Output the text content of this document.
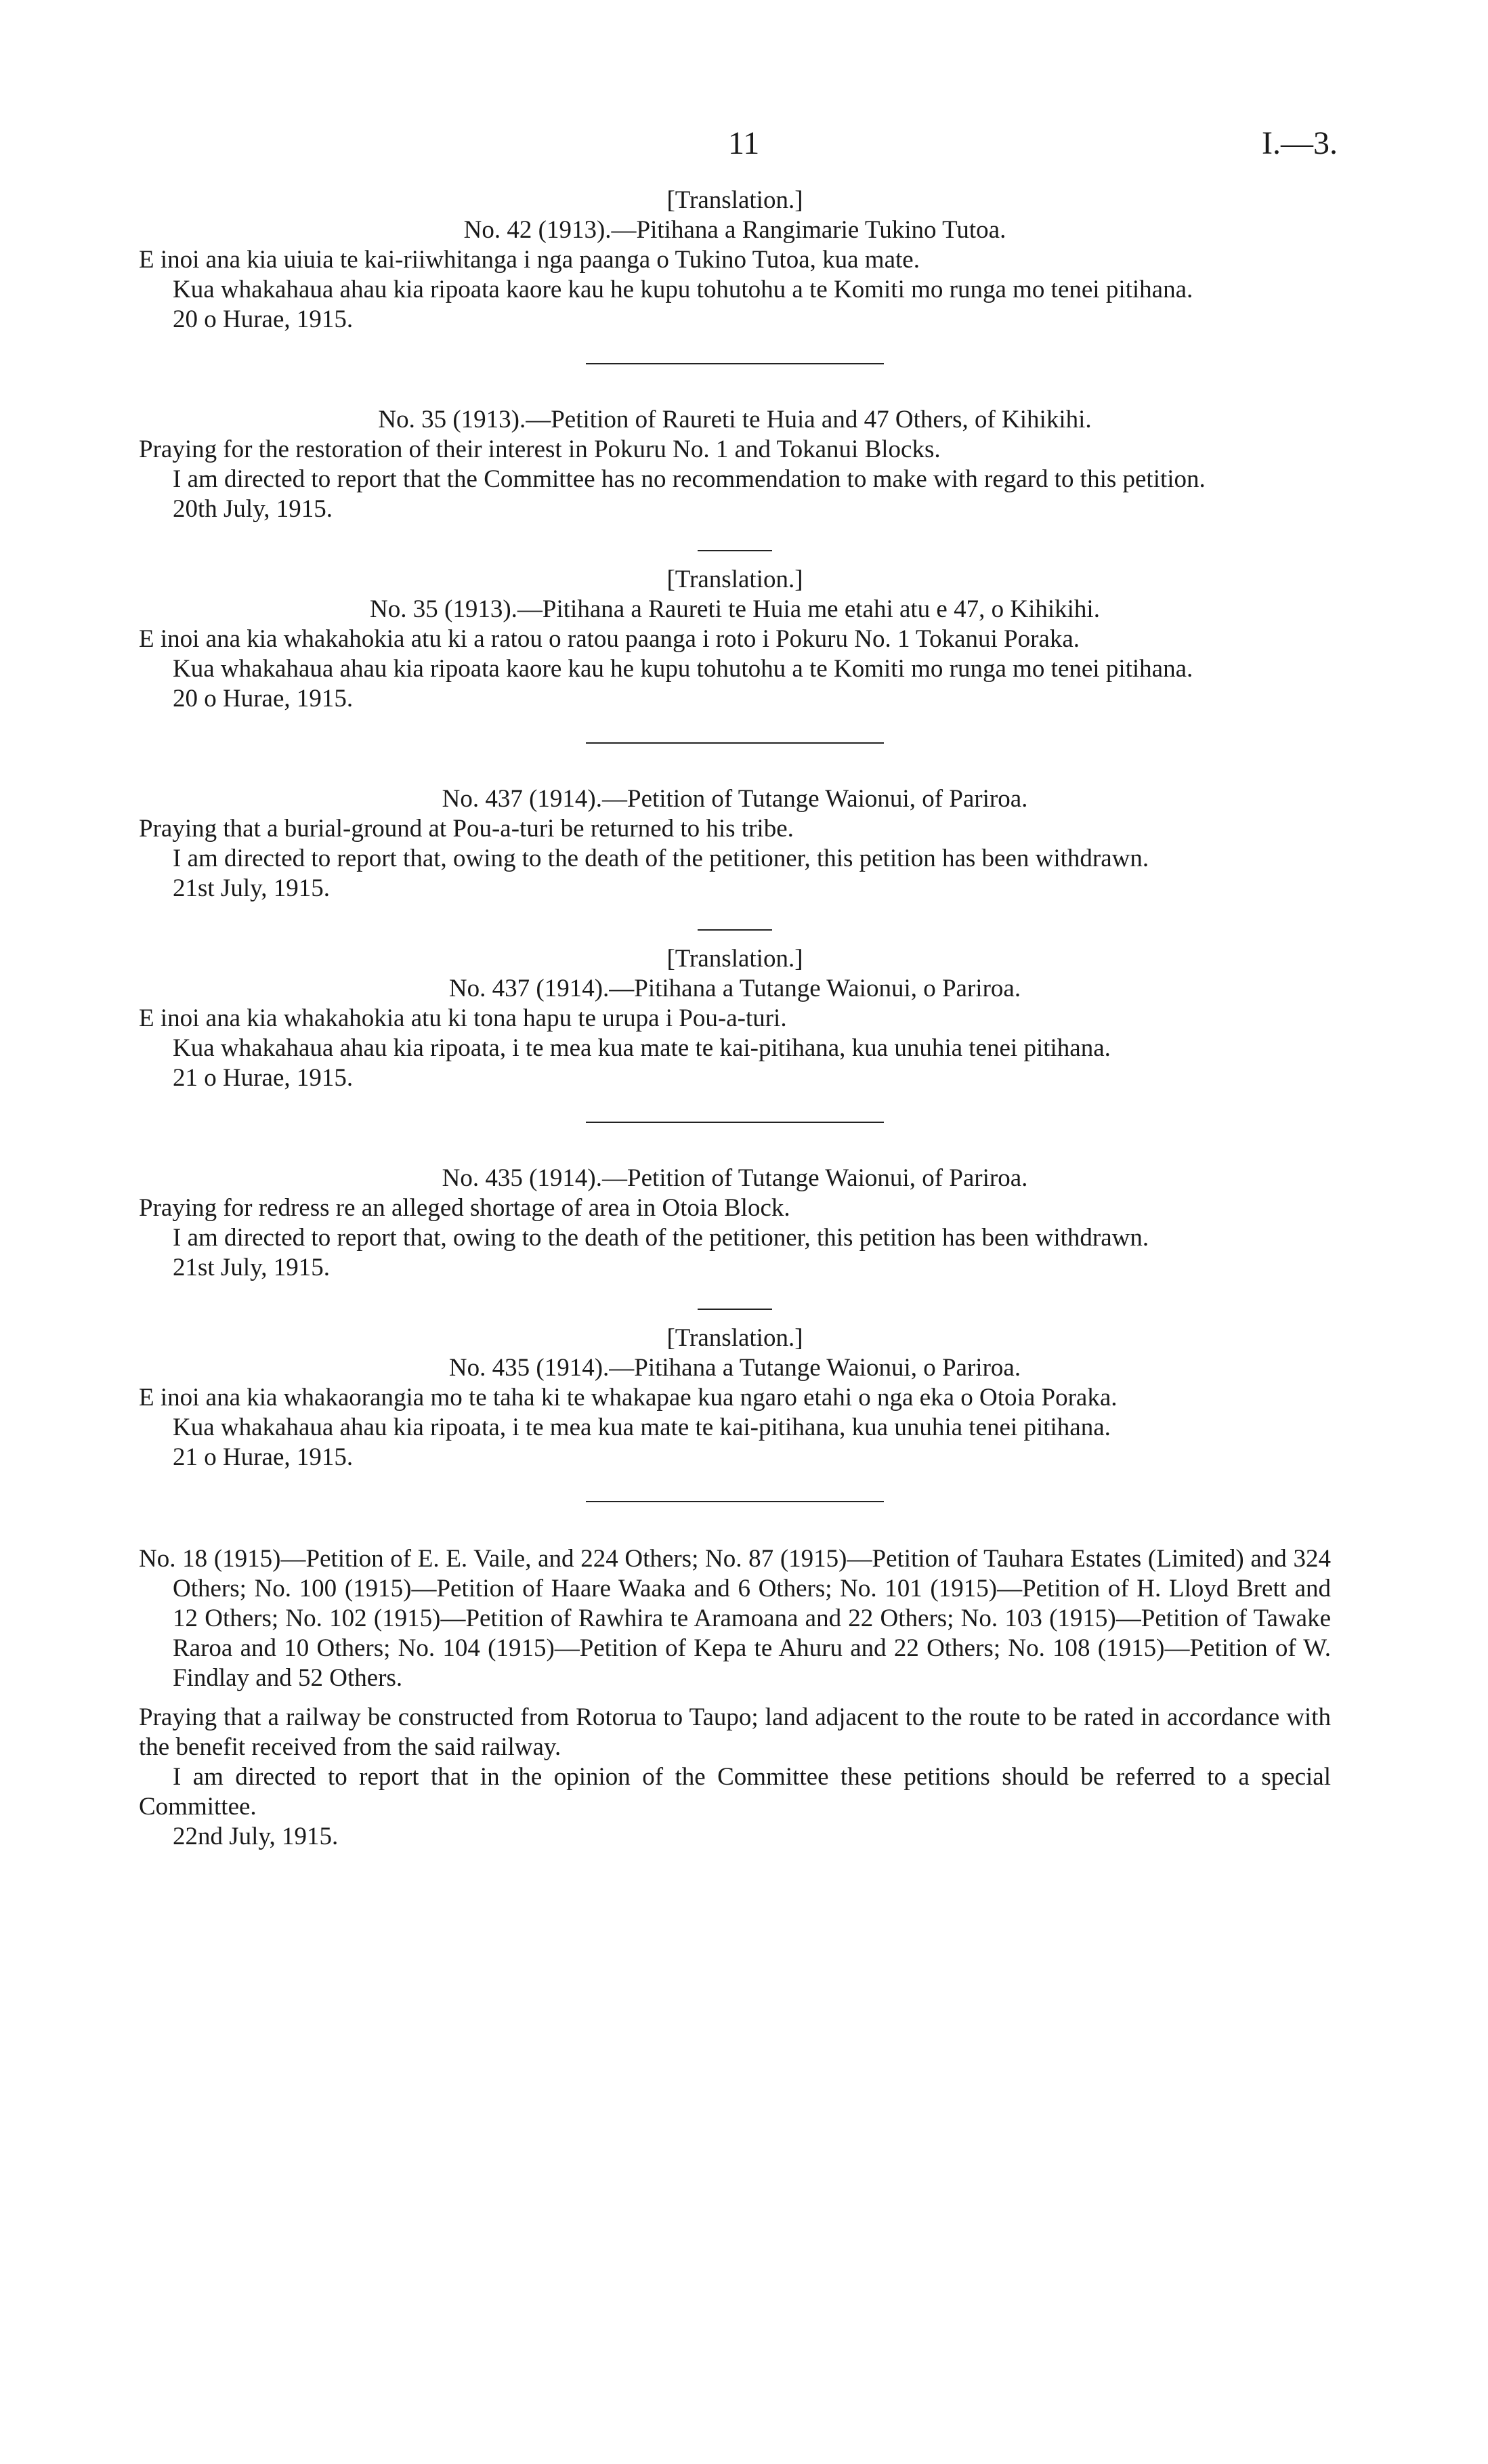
11	I.—3.

[Translation.]

No. 42 (1913).—Pitihana a Rangimarie Tukino Tutoa.

E inoi ana kia uiuia te kai-riiwhitanga i nga paanga o Tukino Tutoa, kua mate.

Kua whakahaua ahau kia ripoata kaore kau he kupu tohutohu a te Komiti mo runga mo tenei pitihana.

20 o Hurae, 1915.

No. 35 (1913).—Petition of Raureti te Huia and 47 Others, of Kihikihi.

Praying for the restoration of their interest in Pokuru No. 1 and Tokanui Blocks.

I am directed to report that the Committee has no recommendation to make with regard to this petition.

20th July, 1915.

[Translation.]

No. 35 (1913).—Pitihana a Raureti te Huia me etahi atu e 47, o Kihikihi.

E inoi ana kia whakahokia atu ki a ratou o ratou paanga i roto i Pokuru No. 1 Tokanui Poraka.

Kua whakahaua ahau kia ripoata kaore kau he kupu tohutohu a te Komiti mo runga mo tenei pitihana.

20 o Hurae, 1915.

No. 437 (1914).—Petition of Tutange Waionui, of Pariroa.

Praying that a burial-ground at Pou-a-turi be returned to his tribe.

I am directed to report that, owing to the death of the petitioner, this petition has been withdrawn.

21st July, 1915.

[Translation.]

No. 437 (1914).—Pitihana a Tutange Waionui, o Pariroa.

E inoi ana kia whakahokia atu ki tona hapu te urupa i Pou-a-turi.

Kua whakahaua ahau kia ripoata, i te mea kua mate te kai-pitihana, kua unuhia tenei pitihana.

21 o Hurae, 1915.

No. 435 (1914).—Petition of Tutange Waionui, of Pariroa.

Praying for redress re an alleged shortage of area in Otoia Block.

I am directed to report that, owing to the death of the petitioner, this petition has been withdrawn.

21st July, 1915.

[Translation.]

No. 435 (1914).—Pitihana a Tutange Waionui, o Pariroa.

E inoi ana kia whakaorangia mo te taha ki te whakapae kua ngaro etahi o nga eka o Otoia Poraka.

Kua whakahaua ahau kia ripoata, i te mea kua mate te kai-pitihana, kua unuhia tenei pitihana.

21 o Hurae, 1915.

No. 18 (1915)—Petition of E. E. Vaile, and 224 Others; No. 87 (1915)—Petition of Tauhara Estates (Limited) and 324 Others; No. 100 (1915)—Petition of Haare Waaka and 6 Others; No. 101 (1915)—Petition of H. Lloyd Brett and 12 Others; No. 102 (1915)—Petition of Rawhira te Aramoana and 22 Others; No. 103 (1915)—Petition of Tawake Raroa and 10 Others; No. 104 (1915)—Petition of Kepa te Ahuru and 22 Others; No. 108 (1915)—Petition of W. Findlay and 52 Others.

Praying that a railway be constructed from Rotorua to Taupo; land adjacent to the route to be rated in accordance with the benefit received from the said railway.

I am directed to report that in the opinion of the Committee these petitions should be referred to a special Committee.

22nd July, 1915.
